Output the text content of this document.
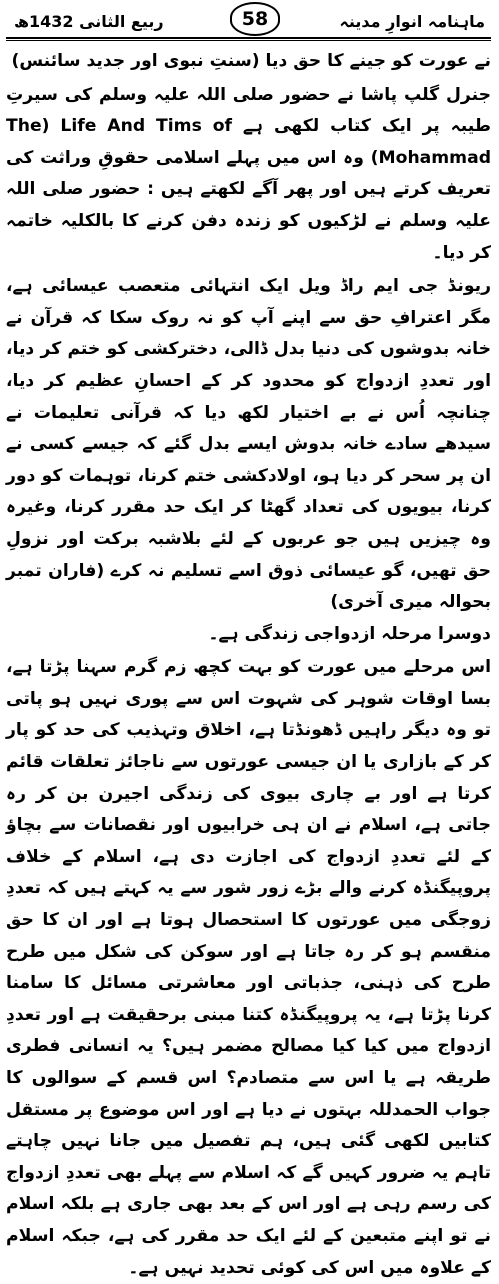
ماہنامہ انوارِ مدینہ
58
ربیع الثانی 1432ھ

نے عورت کو جینے کا حق دیا (سنتِ نبوی اور جدید سائنس)

جنرل گلپ پاشا نے حضور صلی اللہ علیہ وسلم کی سیرتِ طیبہ پر ایک کتاب لکھی ہے The) Life And Tims of Mohammad) وہ اس میں پہلے اسلامی حقوقِ وراثت کی تعریف کرتے ہیں اور پھر آگے لکھتے ہیں : حضور صلی اللہ علیہ وسلم نے لڑکیوں کو زندہ دفن کرنے کا بالکلیہ خاتمہ کر دیا۔

ریونڈ جی ایم راڈ ویل ایک انتہائی متعصب عیسائی ہے، مگر اعترافِ حق سے اپنے آپ کو نہ روک سکا کہ قرآن نے خانہ بدوشوں کی دنیا بدل ڈالی، دخترکشی کو ختم کر دیا، اور تعددِ ازدواج کو محدود کر کے احسانِ عظیم کر دیا، چنانچہ اُس نے بے اختیار لکھ دیا کہ قرآنی تعلیمات نے سیدھے سادے خانہ بدوش ایسے بدل گئے کہ جیسے کسی نے ان پر سحر کر دیا ہو، اولادکشی ختم کرنا، توہمات کو دور کرنا، بیویوں کی تعداد گھٹا کر ایک حد مقرر کرنا، وغیرہ وہ چیزیں ہیں جو عربوں کے لئے بلاشبہ برکت اور نزولِ حق تھیں، گو عیسائی ذوق اسے تسلیم نہ کرے (فاران تمبر بحوالہ میری آخری)

دوسرا مرحلہ ازدواجی زندگی ہے۔

اس مرحلے میں عورت کو بہت کچھ زم گرم سہنا پڑتا ہے، بسا اوقات شوہر کی شہوت اس سے پوری نہیں ہو پاتی تو وہ دیگر راہیں ڈھونڈتا ہے، اخلاق وتہذیب کی حد کو پار کر کے بازاری یا ان جیسی عورتوں سے ناجائز تعلقات قائم کرتا ہے اور بے چاری بیوی کی زندگی اجیرن بن کر رہ جاتی ہے، اسلام نے ان ہی خرابیوں اور نقصانات سے بچاؤ کے لئے تعددِ ازدواج کی اجازت دی ہے، اسلام کے خلاف پروپیگنڈہ کرنے والے بڑے زور شور سے یہ کہتے ہیں کہ تعددِ زوجگی میں عورتوں کا استحصال ہوتا ہے اور ان کا حق منقسم ہو کر رہ جاتا ہے اور سوکن کی شکل میں طرح طرح کی ذہنی، جذباتی اور معاشرتی مسائل کا سامنا کرنا پڑتا ہے، یہ پروپیگنڈہ کتنا مبنی برحقیقت ہے اور تعددِ ازدواج میں کیا کیا مصالح مضمر ہیں؟ یہ انسانی فطری طریقہ ہے یا اس سے متصادم؟ اس قسم کے سوالوں کا جواب الحمدللہ بہتوں نے دیا ہے اور اس موضوع پر مستقل کتابیں لکھی گئی ہیں، ہم تفصیل میں جانا نہیں چاہتے تاہم یہ ضرور کہیں گے کہ اسلام سے پہلے بھی تعددِ ازدواج کی رسم رہی ہے اور اس کے بعد بھی جاری ہے بلکہ اسلام نے تو اپنے متبعین کے لئے ایک حد مقرر کی ہے، جبکہ اسلام کے علاوہ میں اس کی کوئی تحدید نہیں ہے۔
